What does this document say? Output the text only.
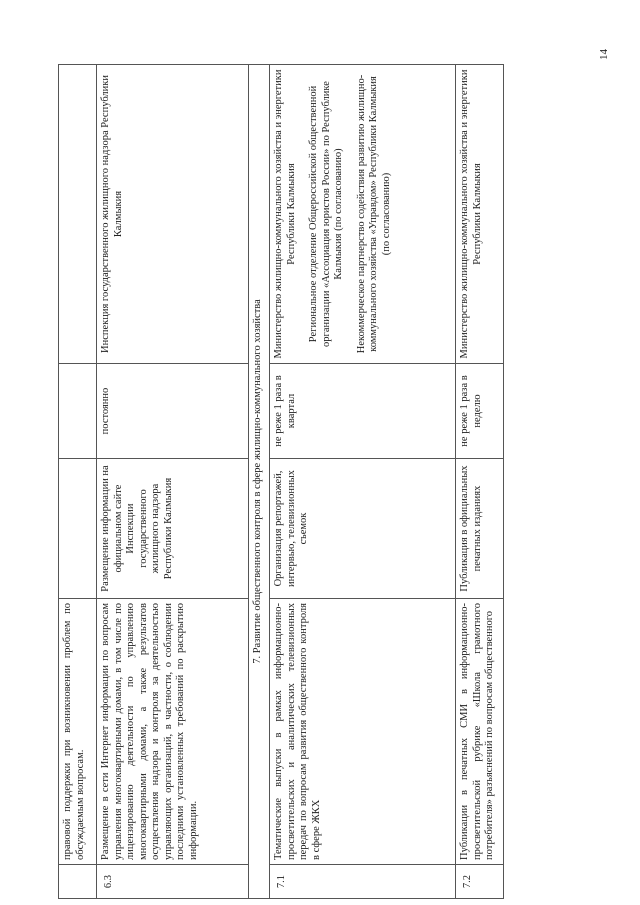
14
	правовой поддержки при возникновении проблем по обсуждаемым вопросам.			
6.3	Размещение в сети Интернет информации по вопросам управления многоквартирными домами, в том числе по лицензированию деятельности по управлению многоквартирными домами, а также результатов осуществления надзора и контроля за деятельностью управляющих организаций, в частности, о соблюдении последними установленных требований по раскрытию информации.	Размещение информации на официальном сайте Инспекции государственного жилищного надзора Республики Калмыкия	постоянно	Инспекция государственного жилищного надзора Республики Калмыкия

7. Развитие общественного контроля в сфере жилищно-коммунального хозяйства				
7.1	Тематические выпуски в рамках информационно-просветительских и аналитических телевизионных передач по вопросам развития общественного контроля в сфере ЖКХ	Организация репортажей, интервью, телевизионных съемок	не реже 1 раза в квартал	Министерство жилищно-коммунального хозяйства и энергетики Республики Калмыкия Региональное отделение Общероссийской общественной организации «Ассоциация юристов России» по Республике Калмыкия (по согласованию) Некоммерческое партнерство содействия развитию жилищно-коммунального хозяйства «Управдом» Республики Калмыкия (по согласованию)

7.2	Публикации в печатных СМИ в информационно-просветительской рубрике «Школа грамотного потребителя» разъяснений по вопросам общественного	Публикация в официальных печатных изданиях	не реже 1 раза в неделю	Министерство жилищно-коммунального хозяйства и энергетики Республики Калмыкия
